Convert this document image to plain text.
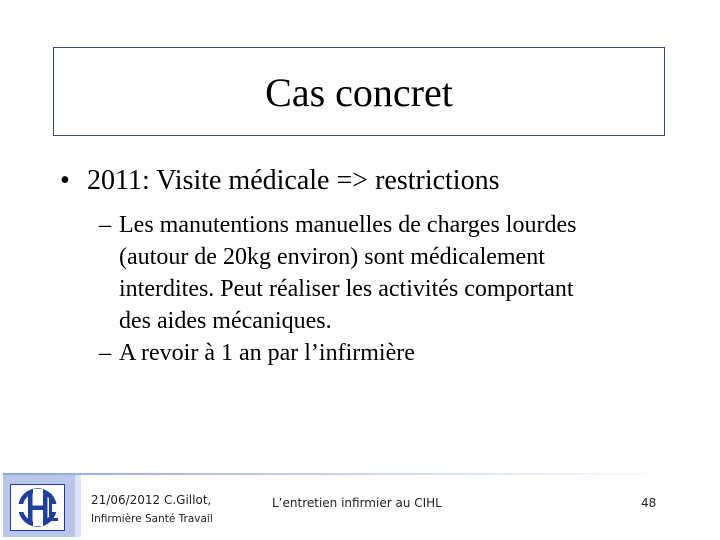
Cas concret
• 2011: Visite médicale => restrictions
– Les manutentions manuelles de charges lourdes
(autour de 20kg environ) sont médicalement
interdites. Peut réaliser les activités comportant
des aides mécaniques.
– A revoir à 1 an par l’infirmière
21/06/2012 C.Gillot,
Infirmière Santé Travail
L’entretien infirmier au CIHL	48
